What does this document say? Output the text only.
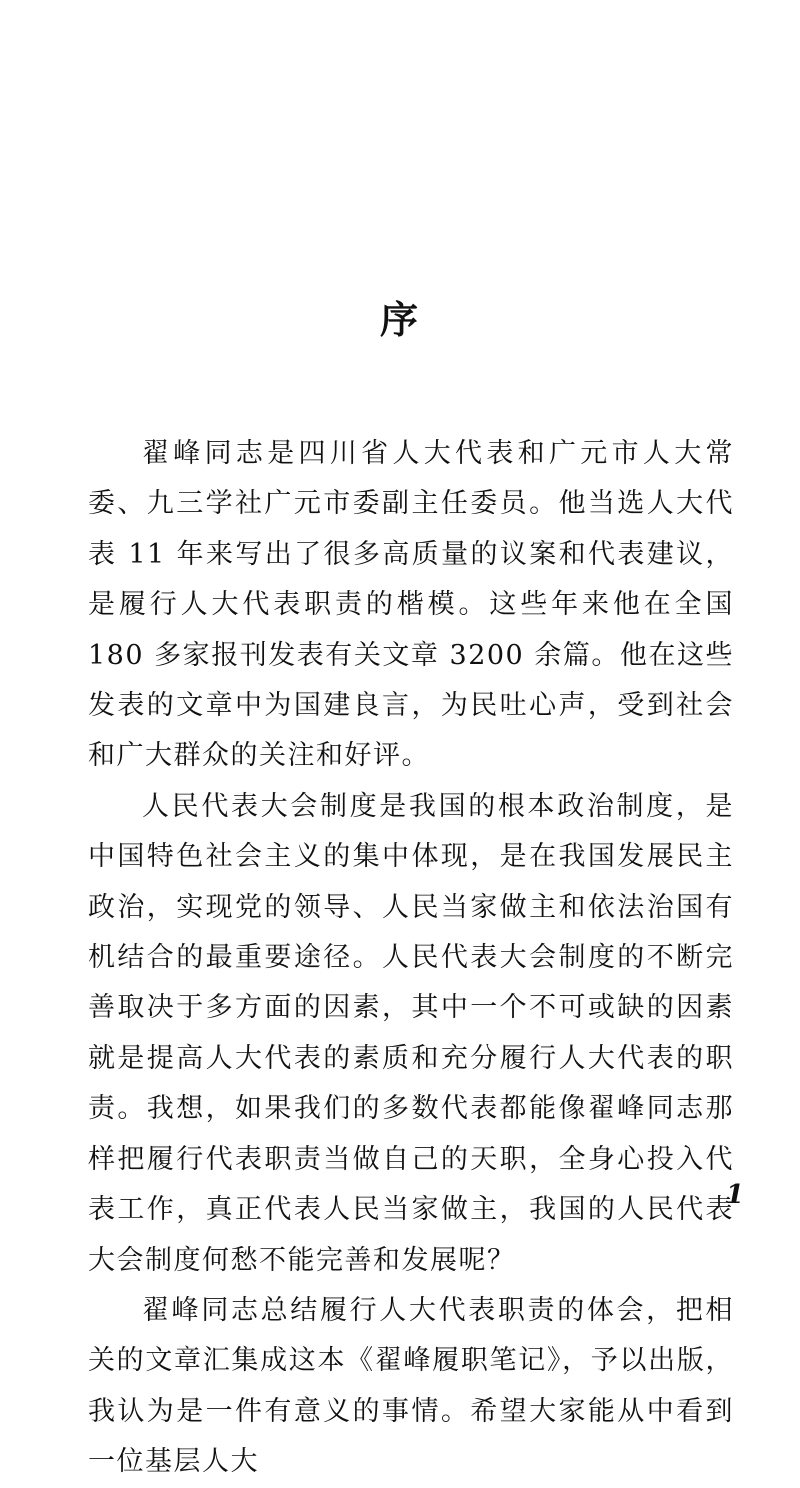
序

翟峰同志是四川省人大代表和广元市人大常委、九三学社广元市委副主任委员。他当选人大代表 11 年来写出了很多高质量的议案和代表建议，是履行人大代表职责的楷模。这些年来他在全国 180 多家报刊发表有关文章 3200 余篇。他在这些发表的文章中为国建良言，为民吐心声，受到社会和广大群众的关注和好评。

人民代表大会制度是我国的根本政治制度，是中国特色社会主义的集中体现，是在我国发展民主政治，实现党的领导、人民当家做主和依法治国有机结合的最重要途径。人民代表大会制度的不断完善取决于多方面的因素，其中一个不可或缺的因素就是提高人大代表的素质和充分履行人大代表的职责。我想，如果我们的多数代表都能像翟峰同志那样把履行代表职责当做自己的天职，全身心投入代表工作，真正代表人民当家做主，我国的人民代表大会制度何愁不能完善和发展呢？

翟峰同志总结履行人大代表职责的体会，把相关的文章汇集成这本《翟峰履职笔记》，予以出版，我认为是一件有意义的事情。希望大家能从中看到一位基层人大

1
